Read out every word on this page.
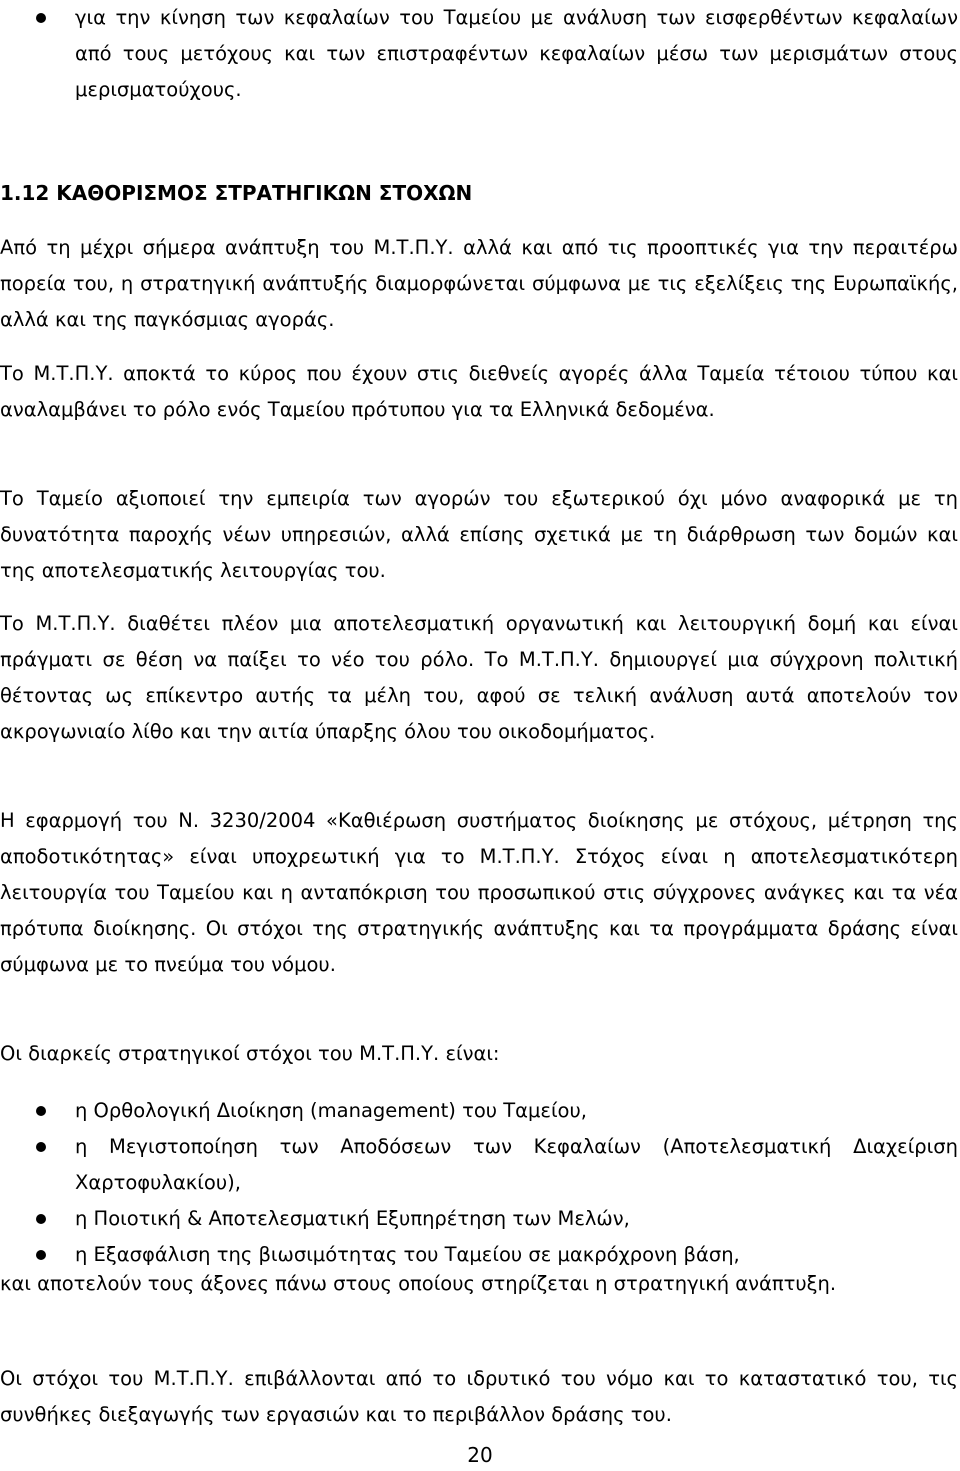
για την κίνηση των κεφαλαίων του Ταμείου με ανάλυση των εισφερθέντων κεφαλαίων από τους μετόχους και των επιστραφέντων κεφαλαίων μέσω των μερισμάτων στους μερισματούχους.
1.12 ΚΑΘΟΡΙΣΜΟΣ ΣΤΡΑΤΗΓΙΚΩΝ ΣΤΟΧΩΝ

Από τη μέχρι σήμερα ανάπτυξη του Μ.Τ.Π.Υ. αλλά και από τις προοπτικές για την περαιτέρω πορεία του, η στρατηγική ανάπτυξής διαμορφώνεται σύμφωνα με τις εξελίξεις της Ευρωπαϊκής, αλλά και της παγκόσμιας αγοράς.

Το Μ.Τ.Π.Υ. αποκτά το κύρος που έχουν στις διεθνείς αγορές άλλα Ταμεία τέτοιου τύπου και αναλαμβάνει το ρόλο ενός Ταμείου πρότυπου για τα Ελληνικά δεδομένα.

Το Ταμείο αξιοποιεί την εμπειρία των αγορών του εξωτερικού όχι μόνο αναφορικά με τη δυνατότητα παροχής νέων υπηρεσιών, αλλά επίσης σχετικά με τη διάρθρωση των δομών και της αποτελεσματικής λειτουργίας του.

Το Μ.Τ.Π.Υ. διαθέτει πλέον μια αποτελεσματική οργανωτική και λειτουργική δομή και είναι πράγματι σε θέση να παίξει το νέο του ρόλο. Το Μ.Τ.Π.Υ. δημιουργεί μια σύγχρονη πολιτική θέτοντας ως επίκεντρο αυτής τα μέλη του, αφού σε τελική ανάλυση αυτά αποτελούν τον ακρογωνιαίο λίθο και την αιτία ύπαρξης όλου του οικοδομήματος.

Η εφαρμογή του Ν. 3230/2004 «Καθιέρωση συστήματος διοίκησης με στόχους, μέτρηση της αποδοτικότητας» είναι υποχρεωτική για το Μ.Τ.Π.Υ. Στόχος είναι η αποτελεσματικότερη λειτουργία του Ταμείου και η ανταπόκριση του προσωπικού στις σύγχρονες ανάγκες και τα νέα πρότυπα διοίκησης. Οι στόχοι της στρατηγικής ανάπτυξης και τα προγράμματα δράσης είναι σύμφωνα με το πνεύμα του νόμου.

Οι διαρκείς στρατηγικοί στόχοι του Μ.Τ.Π.Υ. είναι:

η Ορθολογική Διοίκηση (management) του Ταμείου,
η Μεγιστοποίηση των Αποδόσεων των Κεφαλαίων (Αποτελεσματική Διαχείριση Χαρτοφυλακίου),
η Ποιοτική & Αποτελεσματική Εξυπηρέτηση των Μελών,
η Εξασφάλιση της βιωσιμότητας του Ταμείου σε μακρόχρονη βάση,

και αποτελούν τους άξονες πάνω στους οποίους στηρίζεται η στρατηγική ανάπτυξη.

Οι στόχοι του Μ.Τ.Π.Υ. επιβάλλονται από το ιδρυτικό του νόμο και το καταστατικό του, τις συνθήκες διεξαγωγής των εργασιών και το περιβάλλον δράσης του.

20
